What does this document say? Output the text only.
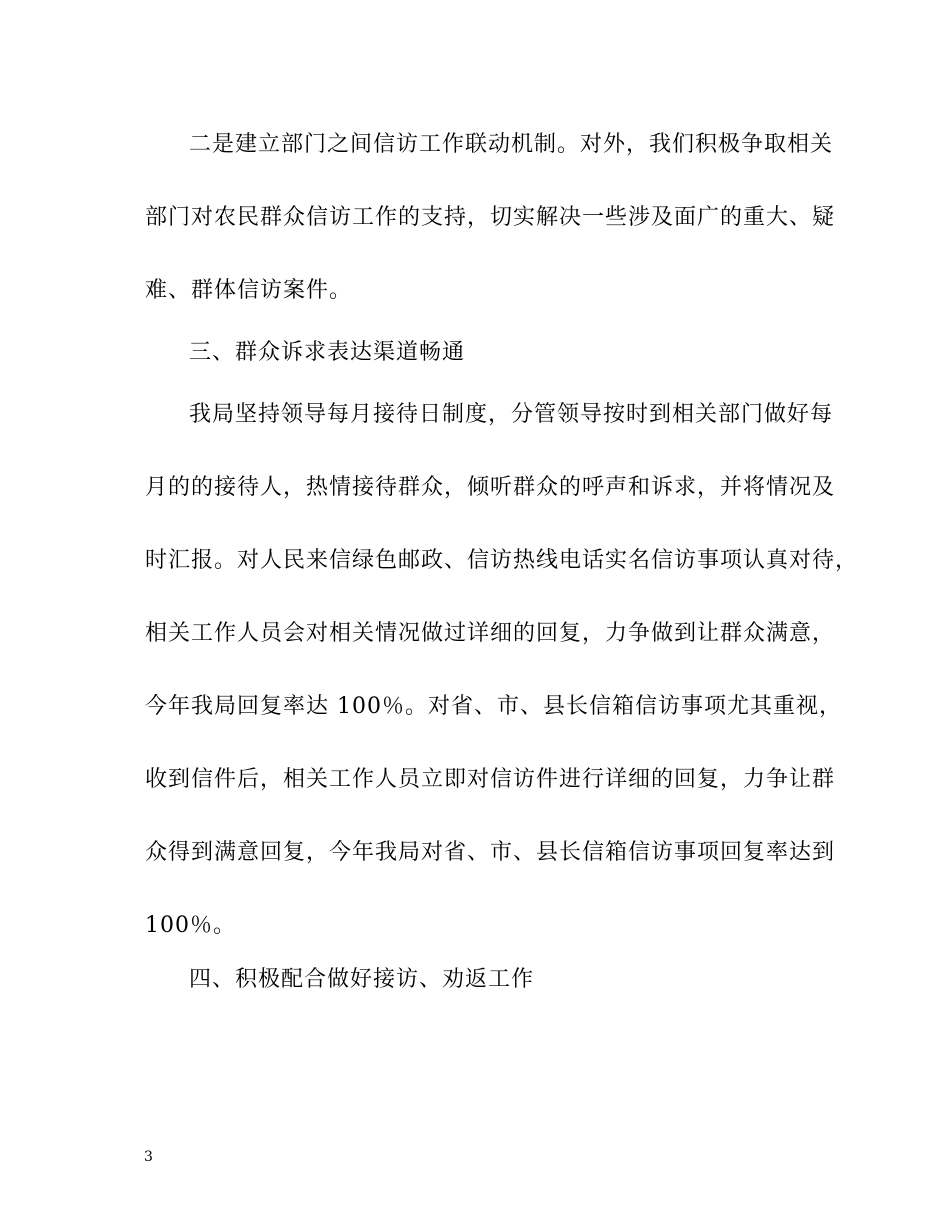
二是建立部门之间信访工作联动机制。对外，我们积极争取相关
部门对农民群众信访工作的支持，切实解决一些涉及面广的重大、疑
难、群体信访案件。
三、群众诉求表达渠道畅通
我局坚持领导每月接待日制度，分管领导按时到相关部门做好每
月的的接待人，热情接待群众，倾听群众的呼声和诉求，并将情况及
时汇报。对人民来信绿色邮政、信访热线电话实名信访事项认真对待，
相关工作人员会对相关情况做过详细的回复，力争做到让群众满意，
今年我局回复率达 100％。对省、市、县长信箱信访事项尤其重视，
收到信件后，相关工作人员立即对信访件进行详细的回复，力争让群
众得到满意回复，今年我局对省、市、县长信箱信访事项回复率达到
100％。
四、积极配合做好接访、劝返工作
3
